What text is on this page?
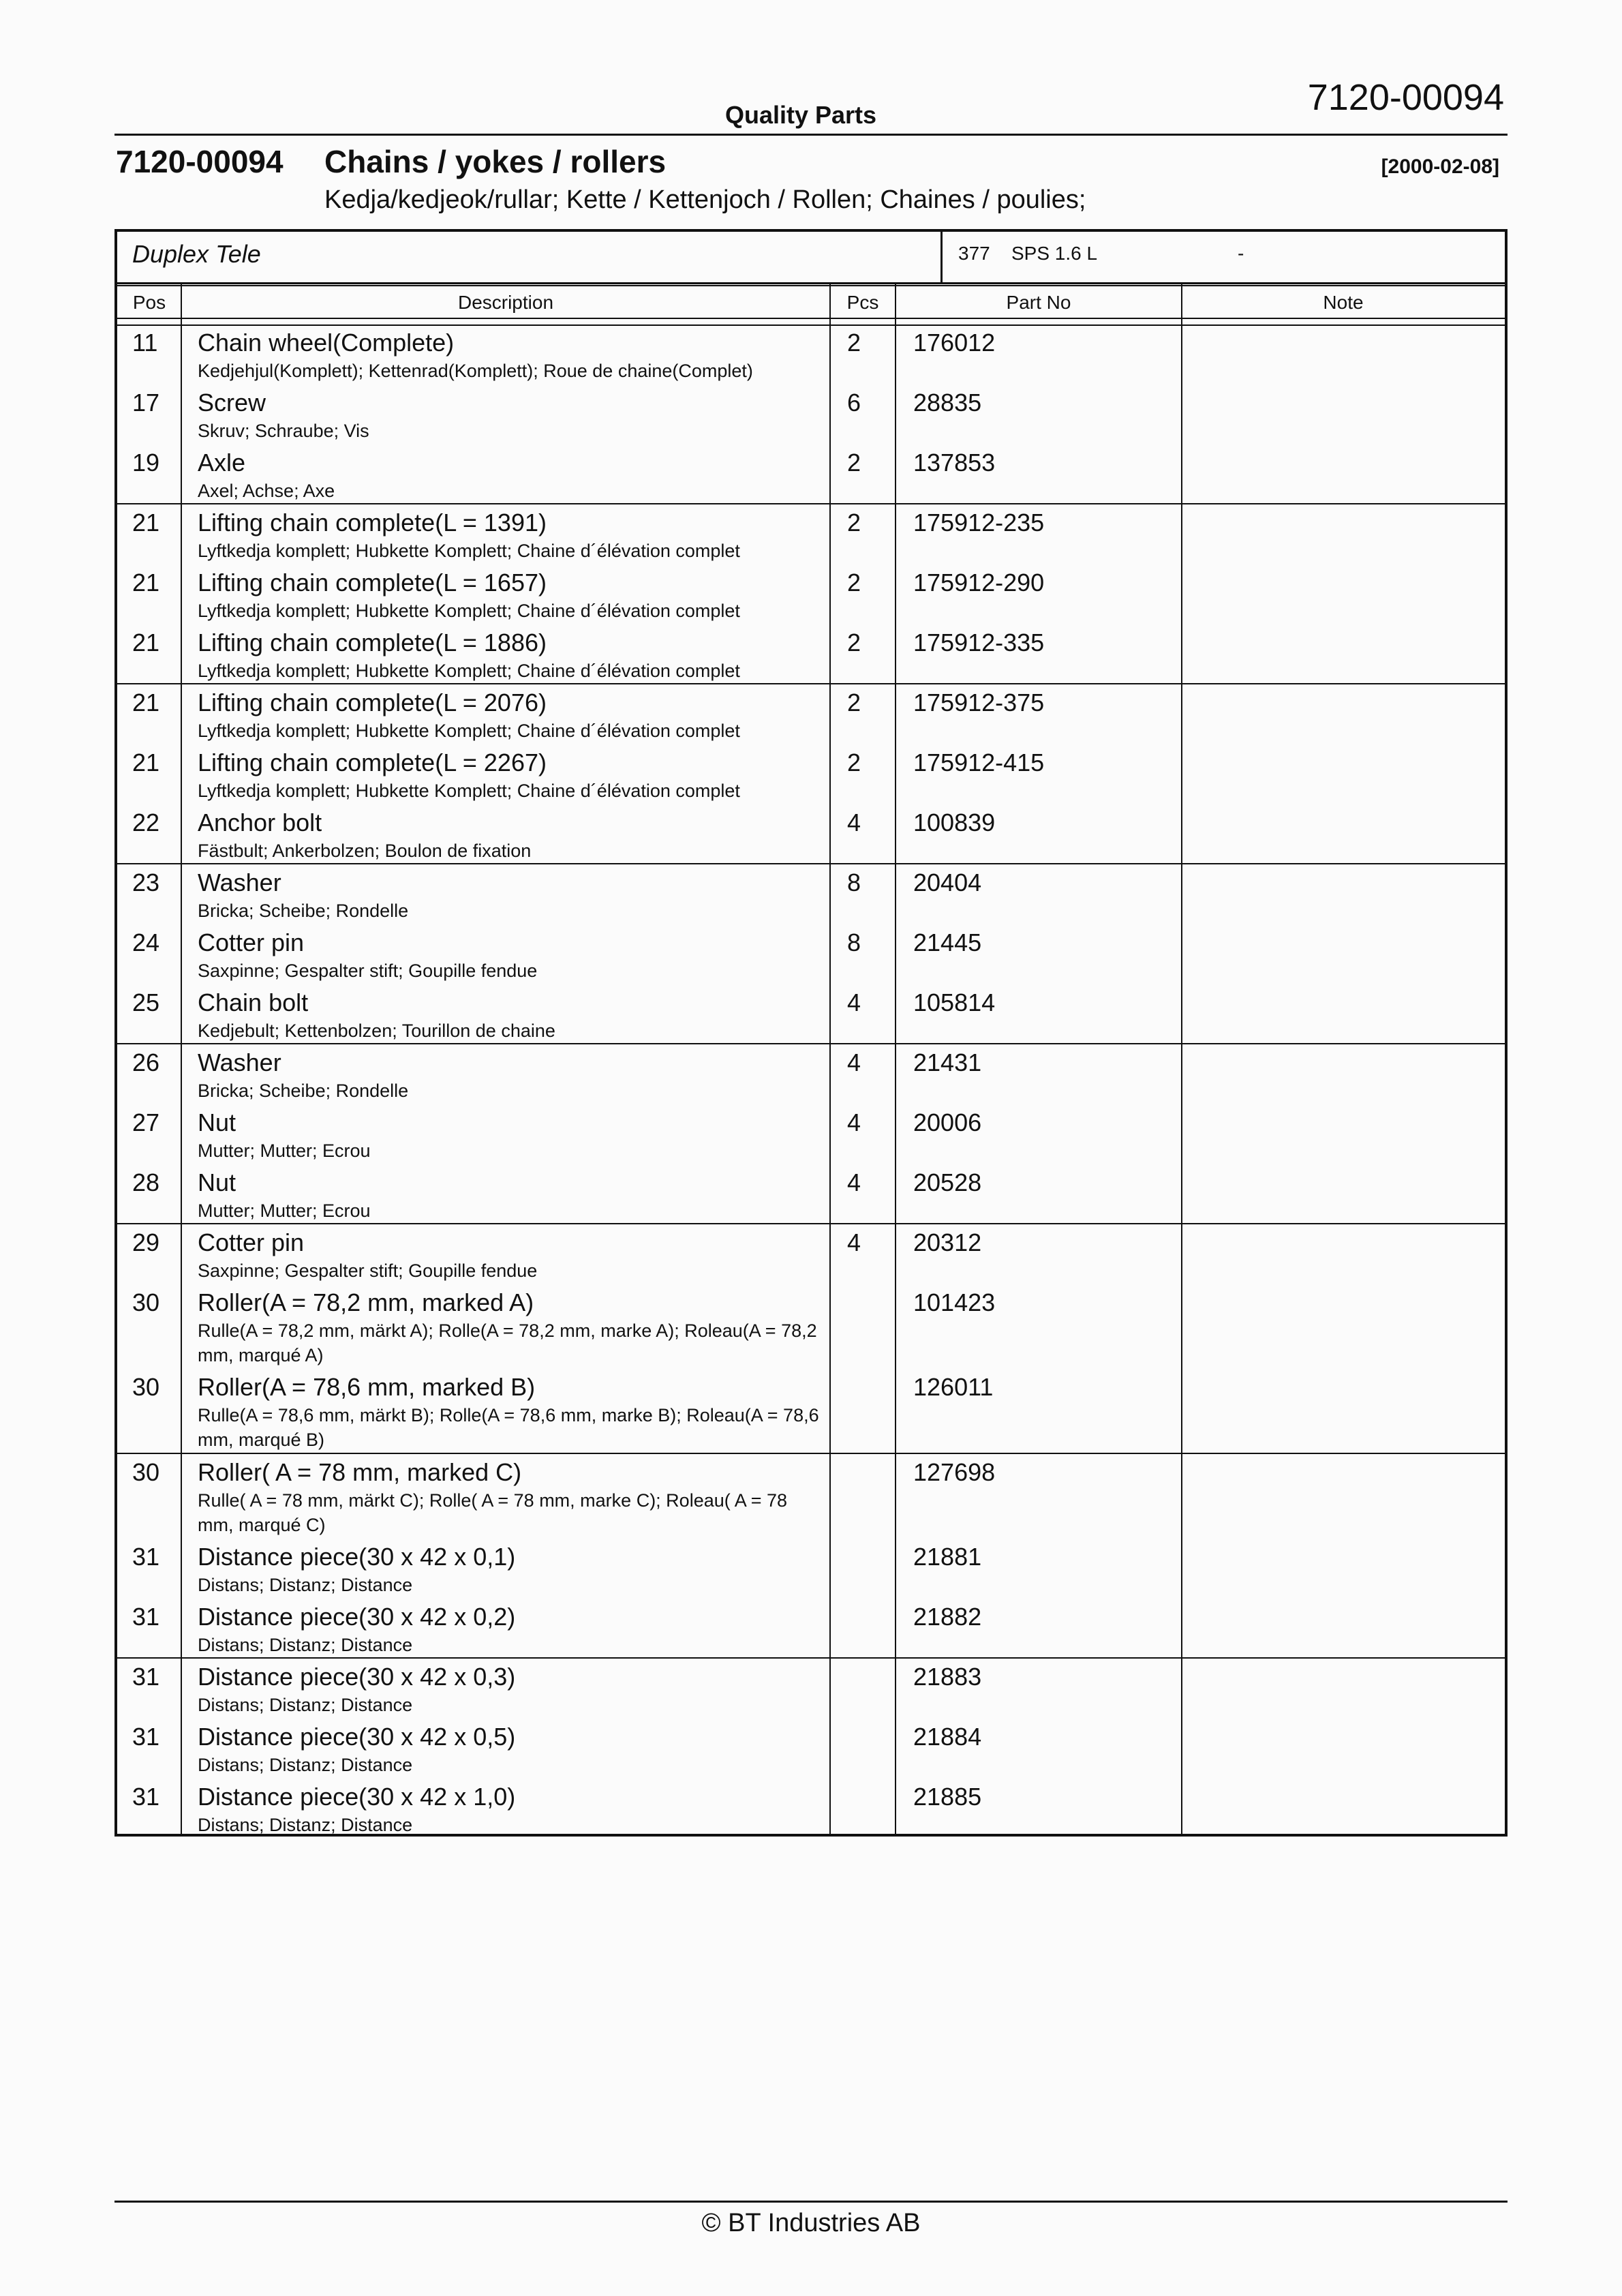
Quality Parts	7120-00094
7120-00094 Chains / yokes / rollers	[2000-02-08]
Kedja/kedjeok/rullar; Kette / Kettenjoch / Rollen; Chaines / poulies;
Duplex Tele	377 SPS 1.6 L	-
Pos	Description	Pcs	Part No	Note
11 Chain wheel(Complete)
Kedjehjul(Komplett); Kettenrad(Komplett); Roue de chaine(Complet)
2 176012
17 Screw
Skruv; Schraube; Vis
6 28835
19 Axle
Axel; Achse; Axe
2 137853
21 Lifting chain complete(L = 1391)
Lyftkedja komplett; Hubkette Komplett; Chaine d´élévation complet
2 175912-235
21 Lifting chain complete(L = 1657)
Lyftkedja komplett; Hubkette Komplett; Chaine d´élévation complet
2 175912-290
21 Lifting chain complete(L = 1886)
Lyftkedja komplett; Hubkette Komplett; Chaine d´élévation complet
2 175912-335
21 Lifting chain complete(L = 2076)
Lyftkedja komplett; Hubkette Komplett; Chaine d´élévation complet
2 175912-375
21 Lifting chain complete(L = 2267)
Lyftkedja komplett; Hubkette Komplett; Chaine d´élévation complet
2 175912-415
22 Anchor bolt
Fästbult; Ankerbolzen; Boulon de fixation
4 100839
23 Washer
Bricka; Scheibe; Rondelle
8 20404
24 Cotter pin
Saxpinne; Gespalter stift; Goupille fendue
8 21445
25 Chain bolt
Kedjebult; Kettenbolzen; Tourillon de chaine
4 105814
26 Washer
Bricka; Scheibe; Rondelle
4 21431
27 Nut
Mutter; Mutter; Ecrou
4 20006
28 Nut
Mutter; Mutter; Ecrou
4 20528
29 Cotter pin
Saxpinne; Gespalter stift; Goupille fendue
4 20312
30 Roller(A = 78,2 mm, marked A)
Rulle(A = 78,2 mm, märkt A); Rolle(A = 78,2 mm, marke A); Roleau(A = 78,2 mm, marqué A)
101423
30 Roller(A = 78,6 mm, marked B)
Rulle(A = 78,6 mm, märkt B); Rolle(A = 78,6 mm, marke B); Roleau(A = 78,6 mm, marqué B)
126011
30 Roller( A = 78 mm, marked C)
Rulle( A = 78 mm, märkt C); Rolle( A = 78 mm, marke C); Roleau( A = 78 mm, marqué C)
127698
31 Distance piece(30 x 42 x 0,1)
Distans; Distanz; Distance
21881
31 Distance piece(30 x 42 x 0,2)
Distans; Distanz; Distance
21882
31 Distance piece(30 x 42 x 0,3)
Distans; Distanz; Distance
21883
31 Distance piece(30 x 42 x 0,5)
Distans; Distanz; Distance
21884
31 Distance piece(30 x 42 x 1,0)
Distans; Distanz; Distance
21885
© BT Industries AB
